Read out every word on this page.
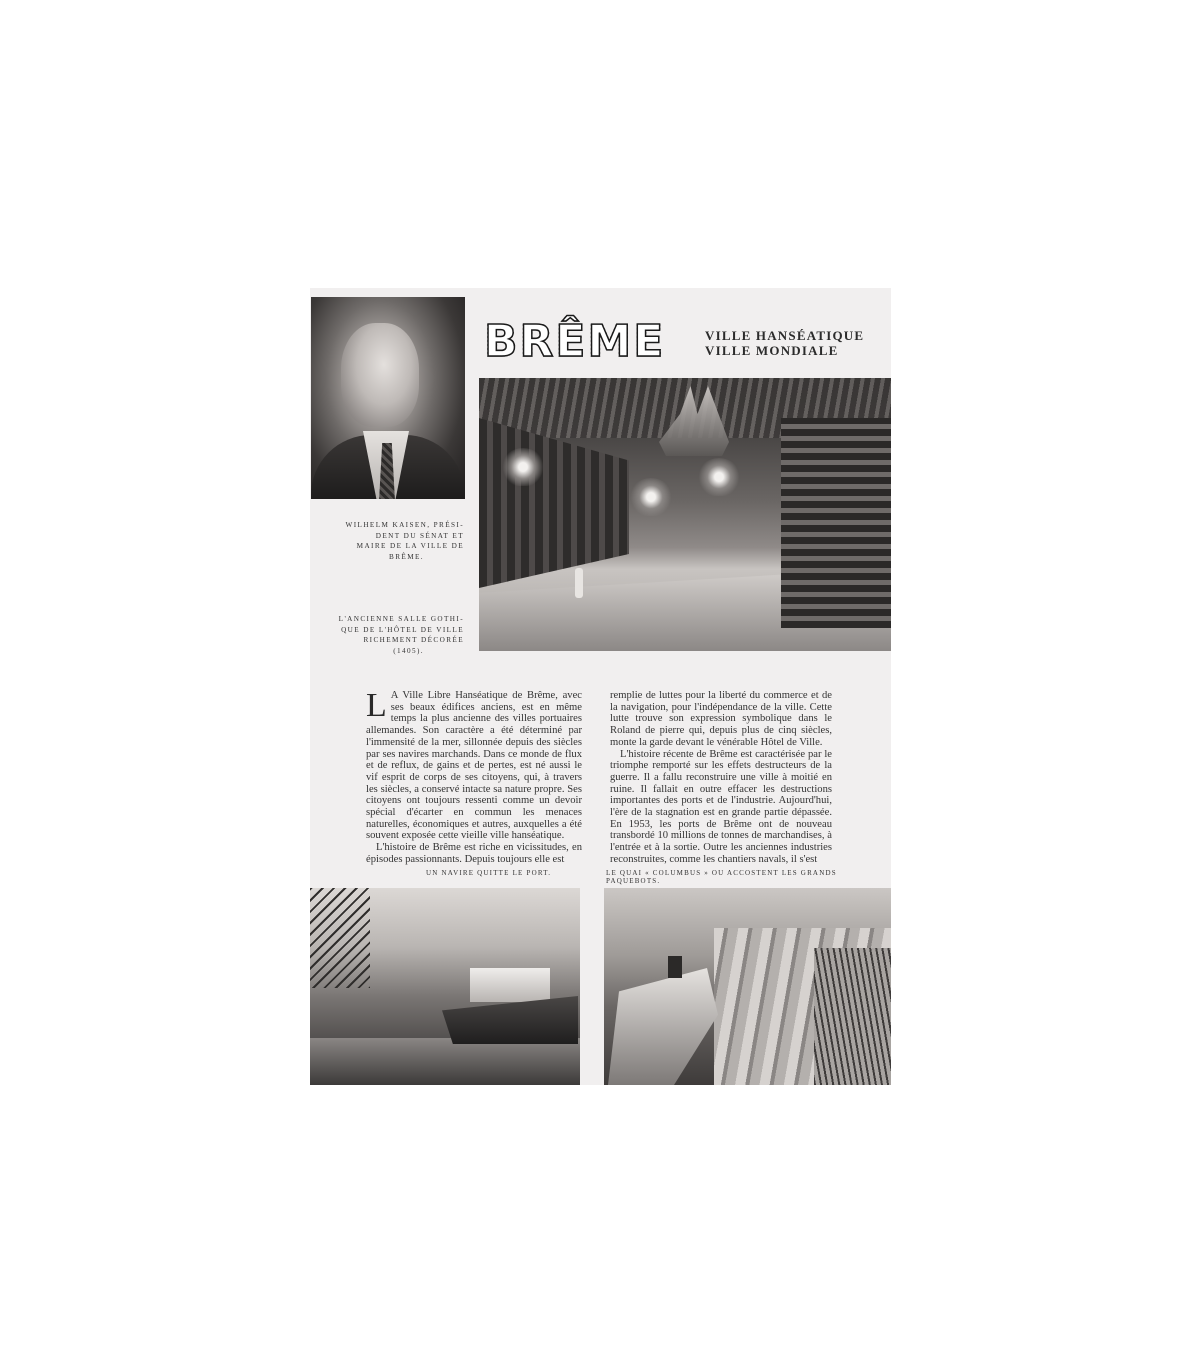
BRÊME	VILLE HANSÉATIQUE
VILLE MONDIALE
WILHELM KAISEN, PRÉSI-
DENT DU SÉNAT ET
MAIRE DE LA VILLE DE
BRÊME.
L'ANCIENNE SALLE GOTHI-
QUE DE L'HÔTEL DE VILLE
RICHEMENT DÉCORÉE
(1405).

L A Ville Libre Hanséatique de Brême, avec ses beaux édifices anciens, est en même temps la plus ancienne des villes portuaires allemandes. Son caractère a été déterminé par l'immensité de la mer, sillonnée depuis des siècles par ses navires marchands. Dans ce monde de flux et de reflux, de gains et de pertes, est né aussi le vif esprit de corps de ses citoyens, qui, à travers les siècles, a conservé intacte sa nature propre. Ses citoyens ont toujours ressenti comme un devoir spécial d'écarter en commun les menaces naturelles, économiques et autres, auxquelles a été souvent exposée cette vieille ville hanséatique.

L'histoire de Brême est riche en vicissitudes, en épisodes passionnants. Depuis toujours elle est

remplie de luttes pour la liberté du commerce et de la navigation, pour l'indépendance de la ville. Cette lutte trouve son expression symbolique dans le Roland de pierre qui, depuis plus de cinq siècles, monte la garde devant le vénérable Hôtel de Ville.

L'histoire récente de Brême est caractérisée par le triomphe remporté sur les effets destructeurs de la guerre. Il a fallu reconstruire une ville à moitié en ruine. Il fallait en outre effacer les destructions importantes des ports et de l'industrie. Aujourd'hui, l'ère de la stagnation est en grande partie dépassée. En 1953, les ports de Brême ont de nouveau transbordé 10 millions de tonnes de marchandises, à l'entrée et à la sortie. Outre les anciennes industries reconstruites, comme les chantiers navals, il s'est

UN NAVIRE QUITTE LE PORT.	LE QUAI « COLUMBUS » OU ACCOSTENT LES GRANDS PAQUEBOTS.
